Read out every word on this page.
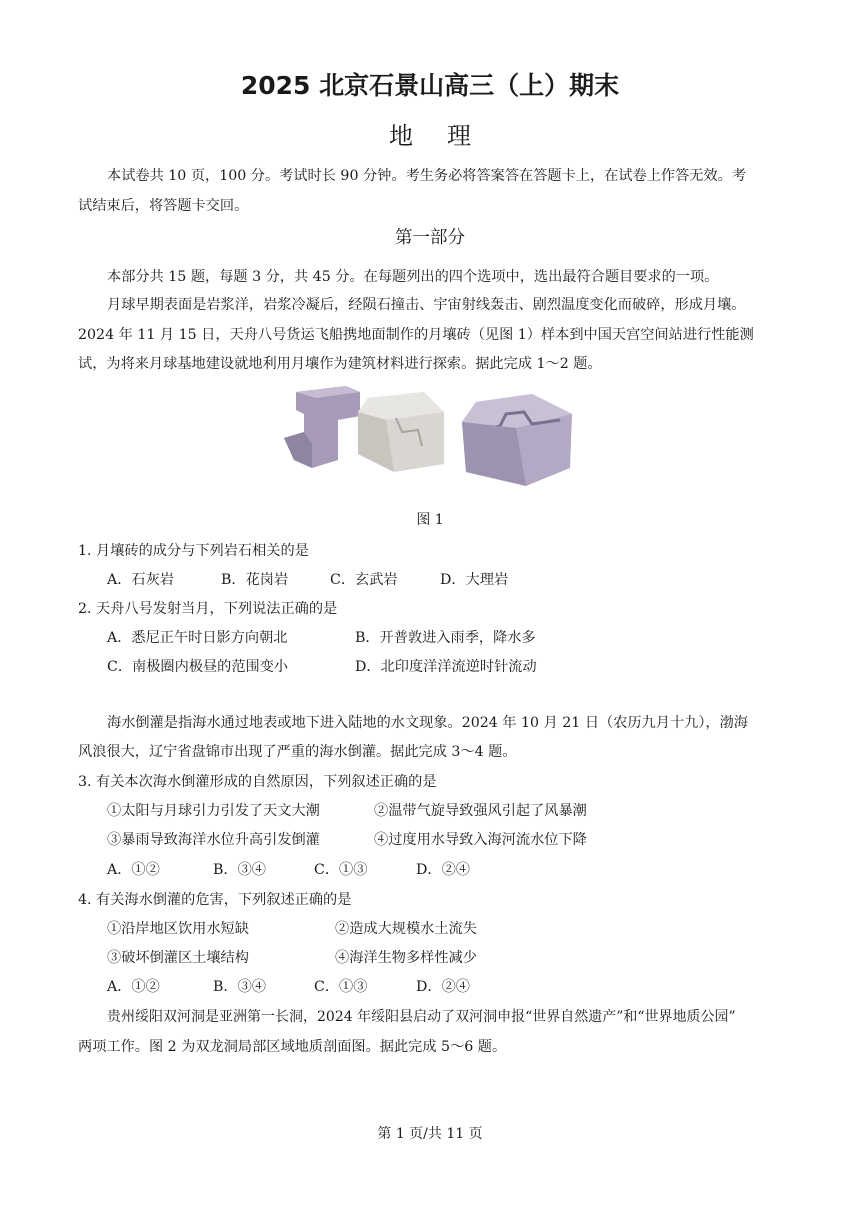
2025 北京石景山高三（上）期末
地理
本试卷共 10 页，100 分。考试时长 90 分钟。考生务必将答案答在答题卡上，在试卷上作答无效。考
试结束后，将答题卡交回。
第一部分
本部分共 15 题，每题 3 分，共 45 分。在每题列出的四个选项中，选出最符合题目要求的一项。
月球早期表面是岩浆洋，岩浆冷凝后，经陨石撞击、宇宙射线轰击、剧烈温度变化而破碎，形成月壤。
2024 年 11 月 15 日，天舟八号货运飞船携地面制作的月壤砖（见图 1）样本到中国天宫空间站进行性能测
试，为将来月球基地建设就地利用月壤作为建筑材料进行探索。据此完成 1～2 题。
图 1
1. 月壤砖的成分与下列岩石相关的是
A．石灰岩	B．花岗岩	C．玄武岩	D．大理岩
2. 天舟八号发射当月，下列说法正确的是
A．悉尼正午时日影方向朝北	B．开普敦进入雨季，降水多
C．南极圈内极昼的范围变小	D．北印度洋洋流逆时针流动
海水倒灌是指海水通过地表或地下进入陆地的水文现象。2024 年 10 月 21 日（农历九月十九），渤海
风浪很大，辽宁省盘锦市出现了严重的海水倒灌。据此完成 3～4 题。
3. 有关本次海水倒灌形成的自然原因，下列叙述正确的是
①太阳与月球引力引发了天文大潮	②温带气旋导致强风引起了风暴潮
③暴雨导致海洋水位升高引发倒灌	④过度用水导致入海河流水位下降
A．①②	B．③④	C．①③	D．②④
4. 有关海水倒灌的危害，下列叙述正确的是
①沿岸地区饮用水短缺	②造成大规模水土流失
③破坏倒灌区土壤结构	④海洋生物多样性减少
A．①②	B．③④	C．①③	D．②④
贵州绥阳双河洞是亚洲第一长洞，2024 年绥阳县启动了双河洞申报“世界自然遗产”和“世界地质公园”
两项工作。图 2 为双龙洞局部区域地质剖面图。据此完成 5～6 题。
第 1 页/共 11 页
